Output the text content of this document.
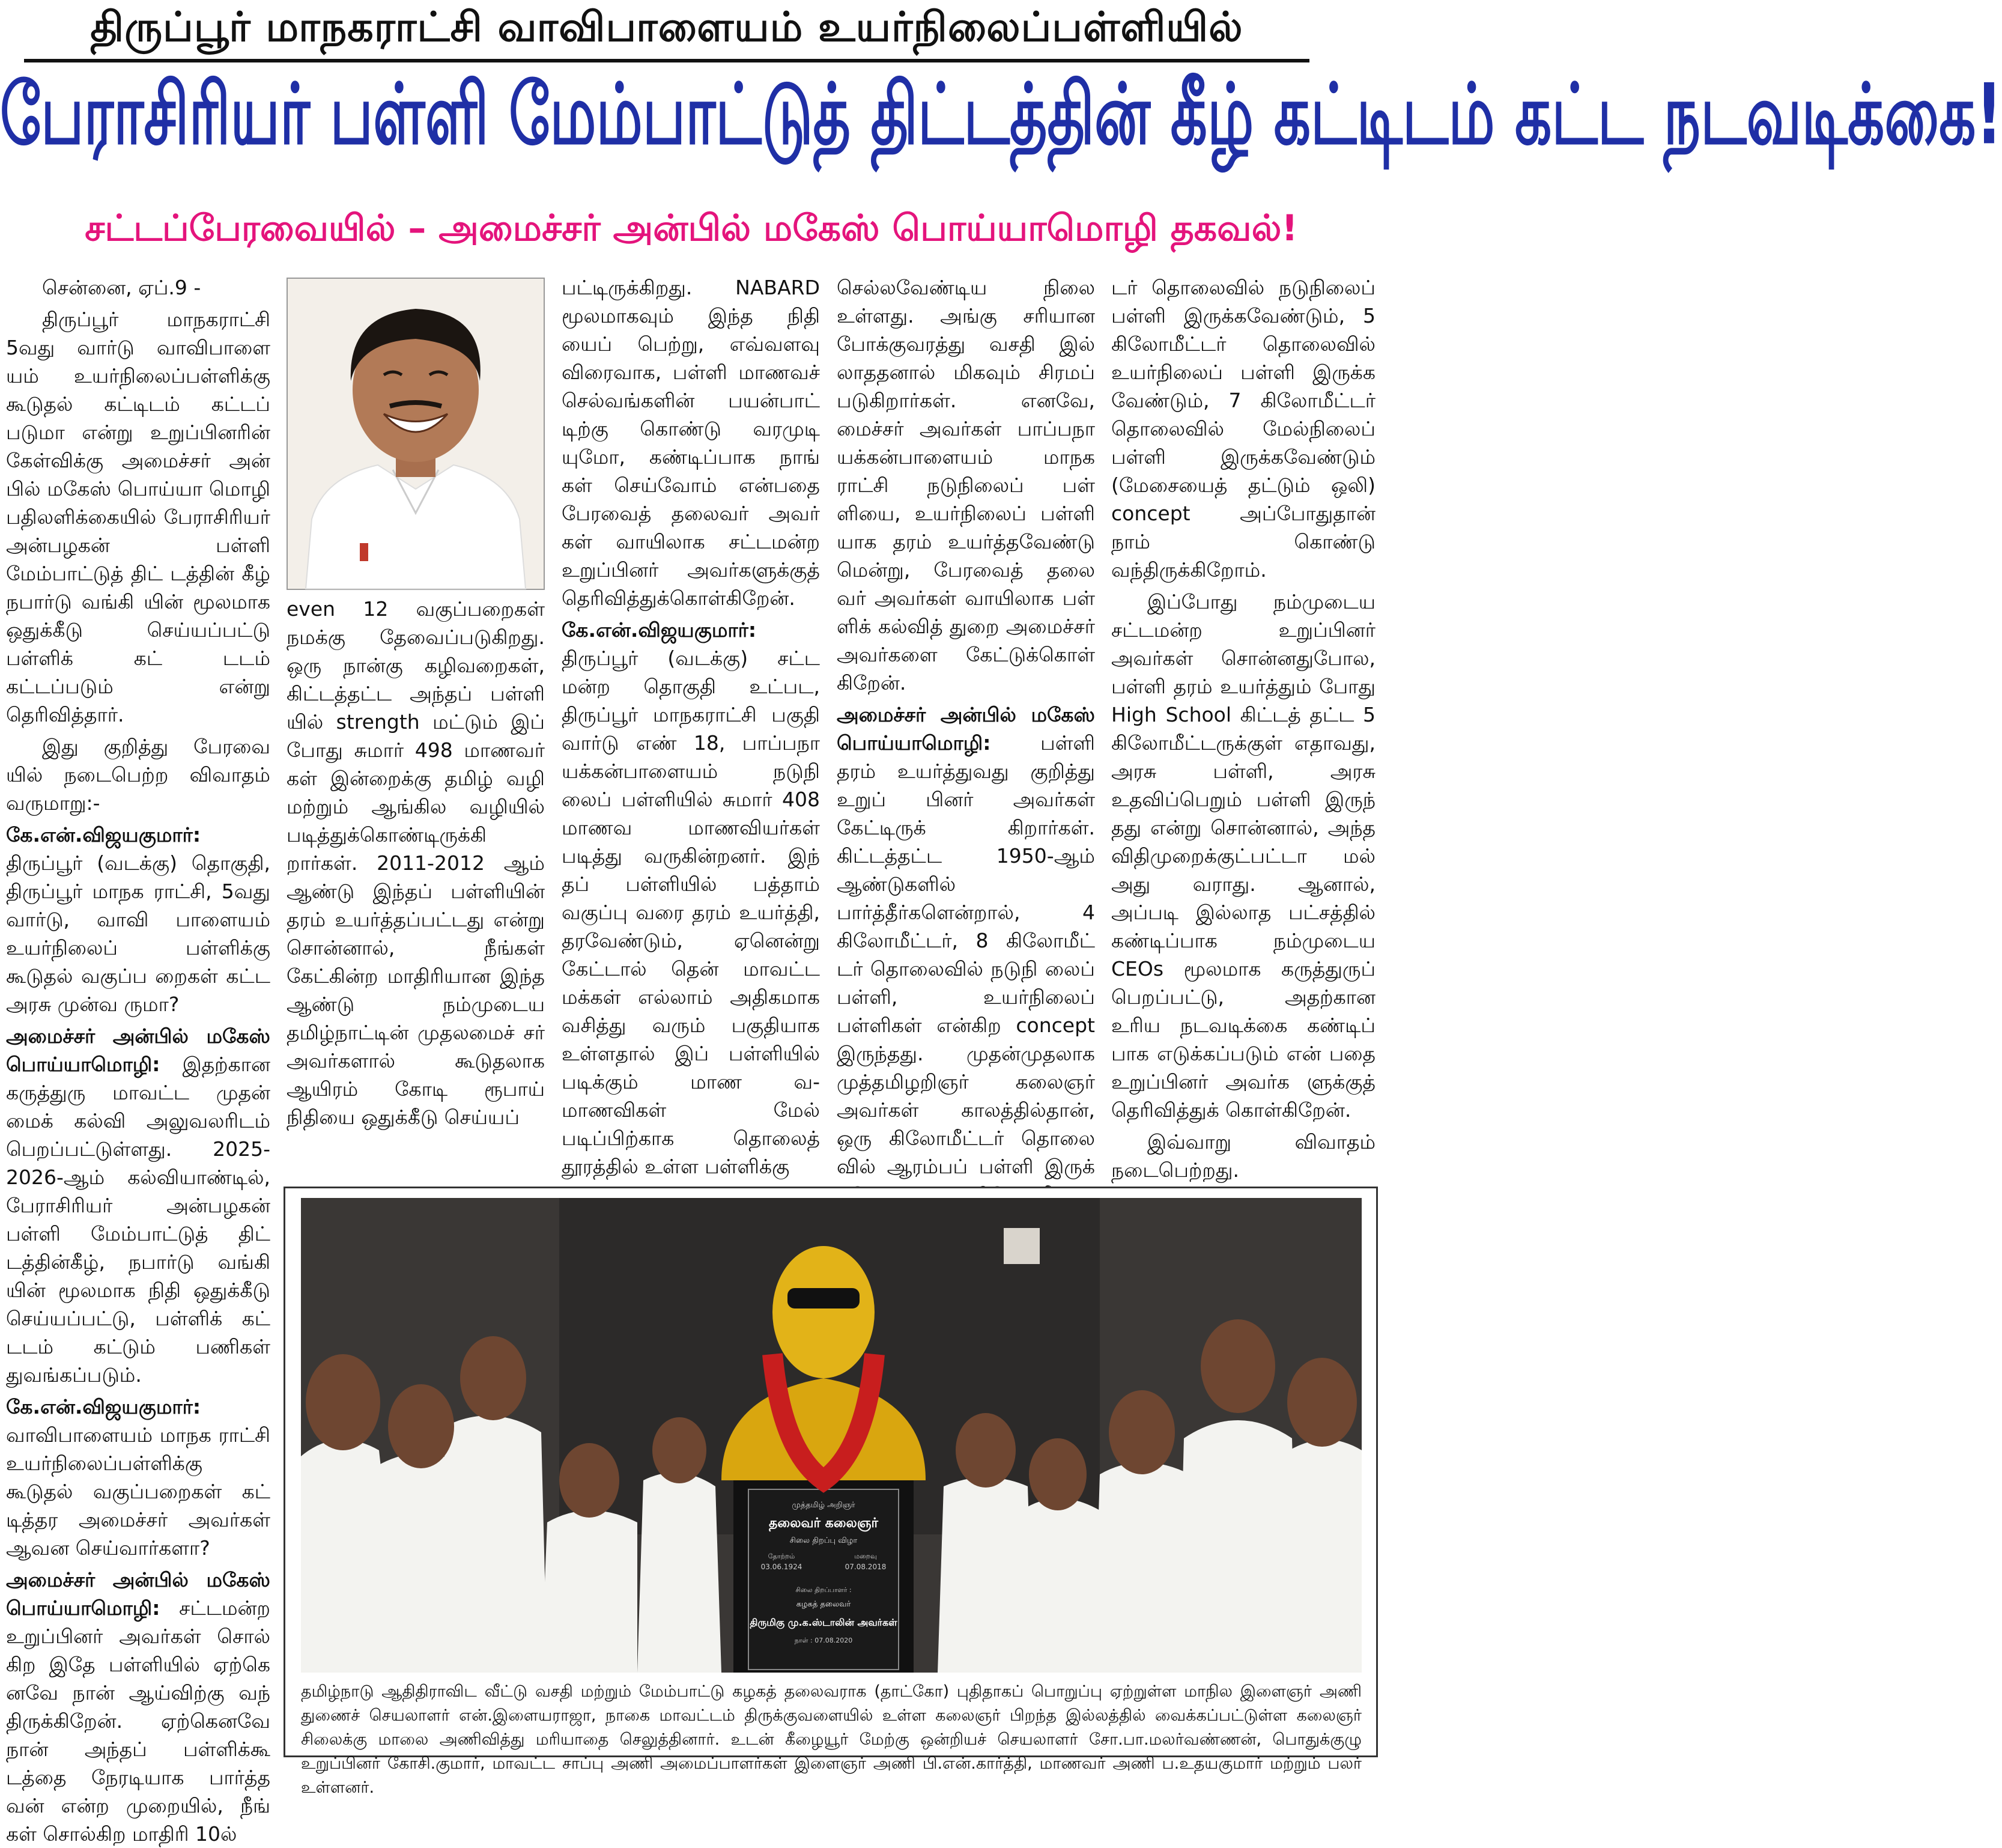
திருப்பூர் மாநகராட்சி வாவிபாளையம் உயர்நிலைப்பள்ளியில்
பேராசிரியர் பள்ளி மேம்பாட்டுத் திட்டத்தின் கீழ் கட்டிடம் கட்ட நடவடிக்கை!
சட்டப்பேரவையில் – அமைச்சர் அன்பில் மகேஸ் பொய்யாமொழி தகவல்!

சென்னை, ஏப்.9 -

திருப்பூர் மாநகராட்சி 5வது வார்டு வாவிபாளை யம் உயர்நிலைப்பள்ளிக்கு கூடுதல் கட்டிடம் கட்டப் படுமா என்று உறுப்பினரின் கேள்விக்கு அமைச்சர் அன் பில் மகேஸ் பொய்யா மொழி பதிலளிக்கையில் பேராசிரியர் அன்பழகன் பள்ளி மேம்பாட்டுத் திட் டத்தின் கீழ் நபார்டு வங்கி யின் மூலமாக ஒதுக்கீடு செய்யப்பட்டு பள்ளிக் கட் டடம் கட்டப்படும் என்று தெரிவித்தார்.

இது குறித்து பேரவை யில் நடைபெற்ற விவாதம் வருமாறு:-

கே.என்.விஜயகுமார்: திருப்பூர் (வடக்கு) தொகுதி, திருப்பூர் மாநக ராட்சி, 5வது வார்டு, வாவி பாளையம் உயர்நிலைப் பள்ளிக்கு கூடுதல் வகுப்ப றைகள் கட்ட அரசு முன்வ ருமா?

அமைச்சர் அன்பில் மகேஸ் பொய்யாமொழி: இதற்கான கருத்துரு மாவட்ட முதன் மைக் கல்வி அலுவலரிடம் பெறப்பட்டுள்ளது. 2025-2026-ஆம் கல்வியாண்டில், பேராசிரியர் அன்பழகன் பள்ளி மேம்பாட்டுத் திட் டத்தின்கீழ், நபார்டு வங்கி யின் மூலமாக நிதி ஒதுக்கீடு செய்யப்பட்டு, பள்ளிக் கட் டடம் கட்டும் பணிகள் துவங்கப்படும்.

கே.என்.விஜயகுமார்: வாவிபாளையம் மாநக ராட்சி உயர்நிலைப்பள்ளிக்கு கூடுதல் வகுப்பறைகள் கட் டித்தர அமைச்சர் அவர்கள் ஆவன செய்வார்களா?

அமைச்சர் அன்பில் மகேஸ் பொய்யாமொழி: சட்டமன்ற உறுப்பினர் அவர்கள் சொல் கிற இதே பள்ளியில் ஏற்கெ னவே நான் ஆய்விற்கு வந் திருக்கிறேன். ஏற்கெனவே நான் அந்தப் பள்ளிக்கூ டத்தை நேரடியாக பார்த்த வன் என்ற முறையில், நீங் கள் சொல்கிற மாதிரி 10ல்

even 12 வகுப்பறைகள் நமக்கு தேவைப்படுகிறது. ஒரு நான்கு கழிவறைகள், கிட்டத்தட்ட அந்தப் பள்ளி யில் strength மட்டும் இப் போது சுமார் 498 மாணவர் கள் இன்றைக்கு தமிழ் வழி மற்றும் ஆங்கில வழியில் படித்துக்கொண்டிருக்கி றார்கள். 2011-2012 ஆம் ஆண்டு இந்தப் பள்ளியின் தரம் உயர்த்தப்பட்டது என்று சொன்னால், நீங்கள் கேட்கின்ற மாதிரியான இந்த ஆண்டு நம்முடைய தமிழ்நாட்டின் முதலமைச் சர் அவர்களால் கூடுதலாக ஆயிரம் கோடி ரூபாய் நிதியை ஒதுக்கீடு செய்யப்

பட்டிருக்கிறது. NABARD மூலமாகவும் இந்த நிதி யைப் பெற்று, எவ்வளவு விரைவாக, பள்ளி மாணவச் செல்வங்களின் பயன்பாட் டிற்கு கொண்டு வரமுடி யுமோ, கண்டிப்பாக நாங் கள் செய்வோம் என்பதை பேரவைத் தலைவர் அவர் கள் வாயிலாக சட்டமன்ற உறுப்பினர் அவர்களுக்குத் தெரிவித்துக்கொள்கிறேன்.

கே.என்.விஜயகுமார்: திருப்பூர் (வடக்கு) சட்ட மன்ற தொகுதி உட்பட, திருப்பூர் மாநகராட்சி பகுதி வார்டு எண் 18, பாப்பநா யக்கன்பாளையம் நடுநி லைப் பள்ளியில் சுமார் 408 மாணவ மாணவியர்கள் படித்து வருகின்றனர். இந் தப் பள்ளியில் பத்தாம் வகுப்பு வரை தரம் உயர்த்தி, தரவேண்டும், ஏனென்று கேட்டால் தென் மாவட்ட மக்கள் எல்லாம் அதிகமாக வசித்து வரும் பகுதியாக உள்ளதால் இப் பள்ளியில் படிக்கும் மாண வ-மாணவிகள் மேல் படிப்பிற்காக தொலைத் தூரத்தில் உள்ள பள்ளிக்கு

செல்லவேண்டிய நிலை உள்ளது. அங்கு சரியான போக்குவரத்து வசதி இல் லாததனால் மிகவும் சிரமப் படுகிறார்கள். எனவே, மைச்சர் அவர்கள் பாப்பநா யக்கன்பாளையம் மாநக ராட்சி நடுநிலைப் பள் ளியை, உயர்நிலைப் பள்ளி யாக தரம் உயர்த்தவேண்டு மென்று, பேரவைத் தலை வர் அவர்கள் வாயிலாக பள் ளிக் கல்வித் துறை அமைச்சர் அவர்களை கேட்டுக்கொள் கிறேன்.

அமைச்சர் அன்பில் மகேஸ் பொய்யாமொழி:	பள்ளி தரம் உயர்த்துவது குறித்து உறுப் பினர் அவர்கள் கேட்டிருக் கிறார்கள். கிட்டத்தட்ட 1950-ஆம் ஆண்டுகளில் பார்த்தீர்களென்றால், 4 கிலோமீட்டர், 8 கிலோமீட் டர் தொலைவில் நடுநி லைப் பள்ளி, உயர்நிலைப் பள்ளிகள் என்கிற concept இருந்தது. முதன்முதலாக முத்தமிழறிஞர் கலைஞர் அவர்கள் காலத்தில்தான், ஒரு கிலோமீட்டர் தொலை வில் ஆரம்பப் பள்ளி இருக்

டர் தொலைவில் நடுநிலைப் பள்ளி இருக்கவேண்டும், 5 கிலோமீட்டர் தொலைவில் உயர்நிலைப் பள்ளி இருக்க வேண்டும், 7 கிலோமீட்டர் தொலைவில் மேல்நிலைப் பள்ளி இருக்கவேண்டும் (மேசையைத் தட்டும் ஒலி) concept அப்போதுதான் நாம் கொண்டு வந்திருக்கிறோம்.

இப்போது நம்முடைய சட்டமன்ற உறுப்பினர் அவர்கள் சொன்னதுபோல, பள்ளி தரம் உயர்த்தும் போது High School கிட்டத் தட்ட 5 கிலோமீட்டருக்குள் எதாவது, அரசு பள்ளி, அரசு உதவிப்பெறும் பள்ளி இருந் தது என்று சொன்னால், அந்த விதிமுறைக்குட்பட்டா மல் அது வராது. ஆனால், அப்படி இல்லாத பட்சத்தில் கண்டிப்பாக நம்முடைய CEOs மூலமாக கருத்துருப் பெறப்பட்டு, அதற்கான உரிய நடவடிக்கை கண்டிப் பாக எடுக்கப்படும் என் பதை உறுப்பினர் அவர்க ளுக்குத் தெரிவித்துக் கொள்கிறேன்.

இவ்வாறு விவாதம் நடைபெற்றது.

முத்தமிழ் அறிஞர்
தலைவர் கலைஞர்
சிலை திறப்பு விழா
தோற்றம்	மறைவு
03.06.1924	07.08.2018
சிலை திறப்பாளர் :
கழகத் தலைவர்
திருமிகு மு.க.ஸ்டாலின் அவர்கள்
நாள் : 07.08.2020
தமிழ்நாடு ஆதிதிராவிட வீட்டு வசதி மற்றும் மேம்பாட்டு கழகத் தலைவராக (தாட்கோ) புதிதாகப் பொறுப்பு ஏற்றுள்ள மாநில இளைஞர் அணி துணைச் செயலாளர் என்.இளையராஜா, நாகை மாவட்டம் திருக்குவளையில் உள்ள கலைஞர் பிறந்த இல்லத்தில் வைக்கப்பட்டுள்ள கலைஞர் சிலைக்கு மாலை அணிவித்து மரியாதை செலுத்தினார். உடன் கீழையூர் மேற்கு ஒன்றியச் செயலாளர் சோ.பா.மலர்வண்ணன், பொதுக்குழு உறுப்பினர் கோசி.குமார், மாவட்ட சாப்பு அணி அமைப்பாளர்கள் இளைஞர் அணி பி.என்.கார்த்தி, மாணவர் அணி ப.உதயகுமார் மற்றும் பலர் உள்ளனர்.
